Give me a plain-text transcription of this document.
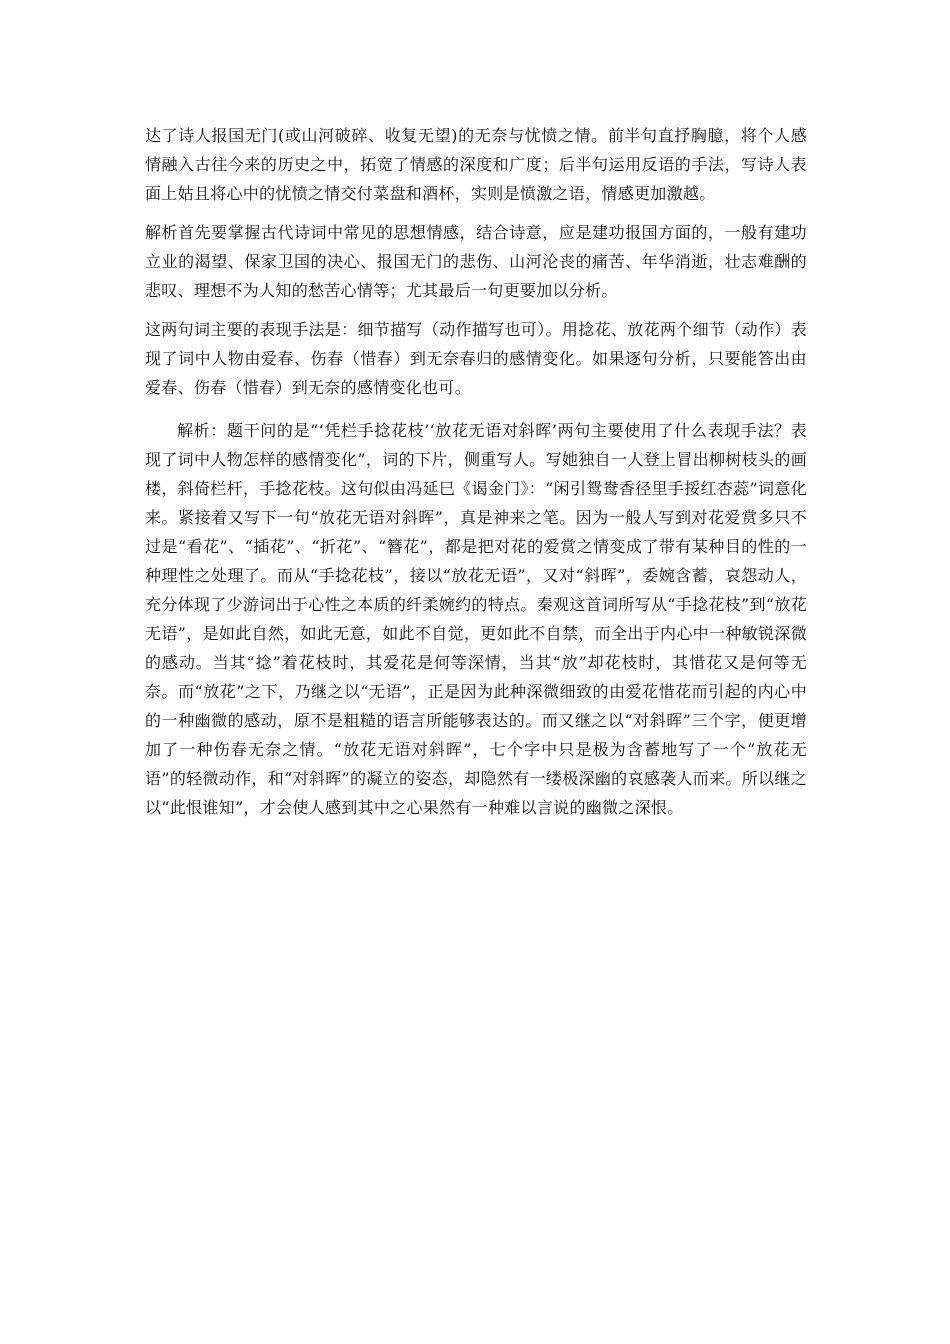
达了诗人报国无门(或山河破碎、收复无望)的无奈与忧愤之情。前半句直抒胸臆，将个人感情融入古往今来的历史之中，拓宽了情感的深度和广度；后半句运用反语的手法，写诗人表面上姑且将心中的忧愤之情交付菜盘和酒杯，实则是愤激之语，情感更加激越。

解析首先要掌握古代诗词中常见的思想情感，结合诗意，应是建功报国方面的，一般有建功立业的渴望、保家卫国的决心、报国无门的悲伤、山河沦丧的痛苦、年华消逝，壮志难酬的悲叹、理想不为人知的愁苦心情等；尤其最后一句更要加以分析。

这两句词主要的表现手法是：细节描写（动作描写也可）。用捻花、放花两个细节（动作）表现了词中人物由爱春、伤春（惜春）到无奈春归的感情变化。如果逐句分析，只要能答出由爱春、伤春（惜春）到无奈的感情变化也可。

解析：题干问的是“‘凭栏手捻花枝’‘放花无语对斜晖’两句主要使用了什么表现手法？表现了词中人物怎样的感情变化”，词的下片，侧重写人。写她独自一人登上冒出柳树枝头的画楼，斜倚栏杆，手捻花枝。这句似由冯延巳《谒金门》：“闲引鸳鸯香径里手挼红杏蕊”词意化来。紧接着又写下一句“放花无语对斜晖”，真是神来之笔。因为一般人写到对花爱赏多只不过是“看花”、“插花”、“折花”、“簪花”，都是把对花的爱赏之情变成了带有某种目的性的一种理性之处理了。而从“手捻花枝”，接以“放花无语”，又对“斜晖”，委婉含蓄，哀怨动人，充分体现了少游词出于心性之本质的纤柔婉约的特点。秦观这首词所写从“手捻花枝”到“放花无语”，是如此自然，如此无意，如此不自觉，更如此不自禁，而全出于内心中一种敏锐深微的感动。当其“捻”着花枝时，其爱花是何等深情，当其“放”却花枝时，其惜花又是何等无奈。而“放花”之下，乃继之以“无语”，正是因为此种深微细致的由爱花惜花而引起的内心中的一种幽微的感动，原不是粗糙的语言所能够表达的。而又继之以“对斜晖”三个字，便更增加了一种伤春无奈之情。“放花无语对斜晖”，七个字中只是极为含蓄地写了一个“放花无语”的轻微动作，和“对斜晖”的凝立的姿态，却隐然有一缕极深幽的哀感袭人而来。所以继之以“此恨谁知”，才会使人感到其中之心果然有一种难以言说的幽微之深恨。
